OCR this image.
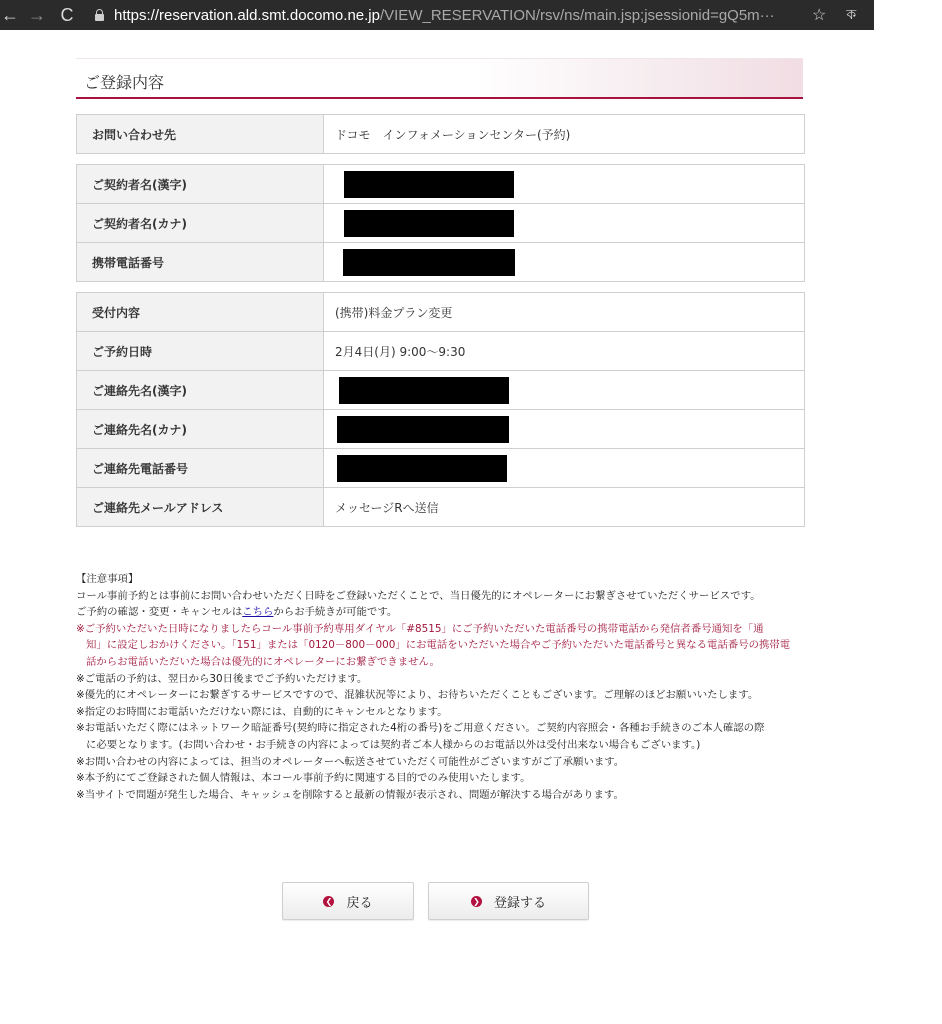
← → C	https://reservation.ald.smt.docomo.ne.jp/VIEW_RESERVATION/rsv/ns/main.jsp;jsessionid=gQ5m···	☆ ক
ご登録内容
お問い合わせ先	ドコモ　インフォメーションセンター(予約)
ご契約者名(漢字)	
ご契約者名(カナ)	
携帯電話番号	
受付内容	(携帯)料金プラン変更
ご予約日時	2月4日(月) 9:00～9:30
ご連絡先名(漢字)	
ご連絡先名(カナ)	
ご連絡先電話番号	
ご連絡先メールアドレス	メッセージRへ送信
【注意事項】
コール事前予約とは事前にお問い合わせいただく日時をご登録いただくことで、当日優先的にオペレーターにお繋ぎさせていただくサービスです。
ご予約の確認・変更・キャンセルはこちらからお手続きが可能です。
※ご予約いただいた日時になりましたらコール事前予約専用ダイヤル「#8515」にご予約いただいた電話番号の携帯電話から発信者番号通知を「通
知」に設定しおかけください。「151」または「0120－800－000」にお電話をいただいた場合やご予約いただいた電話番号と異なる電話番号の携帯電
話からお電話いただいた場合は優先的にオペレーターにお繋ぎできません。
※ご電話の予約は、翌日から30日後までご予約いただけます。
※優先的にオペレーターにお繋ぎするサービスですので、混雑状況等により、お待ちいただくこともございます。ご理解のほどお願いいたします。
※指定のお時間にお電話いただけない際には、自動的にキャンセルとなります。
※お電話いただく際にはネットワーク暗証番号(契約時に指定された4桁の番号)をご用意ください。ご契約内容照会・各種お手続きのご本人確認の際
に必要となります。(お問い合わせ・お手続きの内容によっては契約者ご本人様からのお電話以外は受付出来ない場合もございます。)
※お問い合わせの内容によっては、担当のオペレーターへ転送させていただく可能性がございますがご了承願います。
※本予約にてご登録された個人情報は、本コール事前予約に関連する目的でのみ使用いたします。
※当サイトで問題が発生した場合、キャッシュを削除すると最新の情報が表示され、問題が解決する場合があります。
❮ 戻る	❯ 登録する
